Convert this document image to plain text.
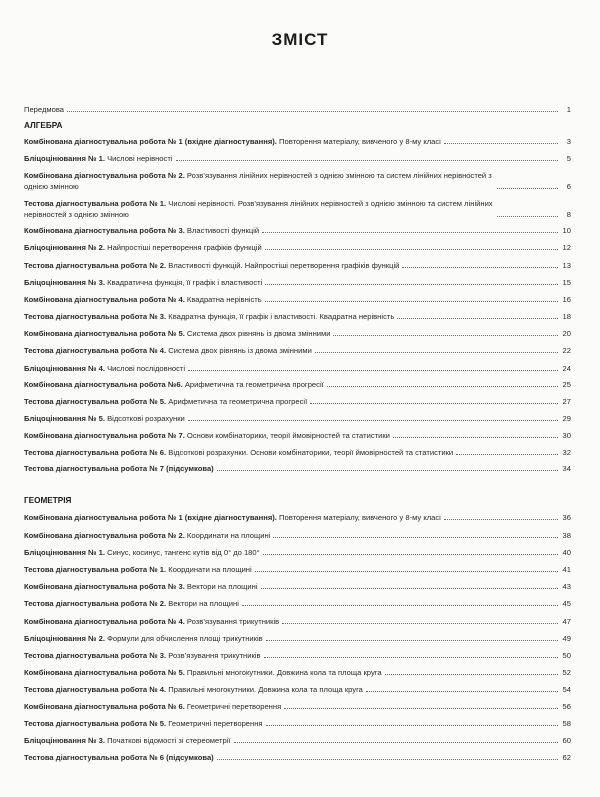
ЗМІСТ
Передмова	1
АЛГЕБРА
Комбінована діагностувальна робота № 1 (вхідне діагностування). Повторення матеріалу, вивченого у 8-му класі	3
Бліцоцінювання № 1. Числові нерівності	5
Комбінована діагностувальна робота № 2. Розв’язування лінійних нерівностей з однією змінною та систем лінійних нерівностей з однією змінною	6
Тестова діагностувальна робота № 1. Числові нерівності. Розв’язування лінійних нерівностей з однією змінною та систем лінійних нерівностей з однією змінною	8
Комбінована діагностувальна робота № 3. Властивості функцій	10
Бліцоцінювання № 2. Найпростіші перетворення графіків функцій	12
Тестова діагностувальна робота № 2. Властивості функцій. Найпростіші перетворення графіків функцій	13
Бліцоцінювання № 3. Квадратична функція, її графік і властивості	15
Комбінована діагностувальна робота № 4. Квадратна нерівність	16
Тестова діагностувальна робота № 3. Квадратна функція, її графік і властивості. Квадратна нерівність	18
Комбінована діагностувальна робота № 5. Система двох рівнянь із двома змінними	20
Тестова діагностувальна робота № 4. Система двох рівнянь із двома змінними	22
Бліцоцінювання № 4. Числові послідовності	24
Комбінована діагностувальна робота №6. Арифметична та геометрична прогресії	25
Тестова діагностувальна робота № 5. Арифметична та геометрична прогресії	27
Бліцоцінювання № 5. Відсоткові розрахунки	29
Комбінована діагностувальна робота № 7. Основи комбінаторики, теорії ймовірностей та статистики	30
Тестова діагностувальна робота № 6. Відсоткові розрахунки. Основи комбінаторики, теорії ймовірностей та статистики	32
Тестова діагностувальна робота № 7 (підсумкова)	34
ГЕОМЕТРІЯ
Комбінована діагностувальна робота № 1 (вхідне діагностування). Повторення матеріалу, вивченого у 8-му класі	36
Комбінована діагностувальна робота № 2. Координати на площині	38
Бліцоцінювання № 1. Синус, косинус, тангенс кутів від 0° до 180°	40
Тестова діагностувальна робота № 1. Координати на площині	41
Комбінована діагностувальна робота № 3. Вектори на площині	43
Тестова діагностувальна робота № 2. Вектори на площині	45
Комбінована діагностувальна робота № 4. Розв’язування трикутників	47
Бліцоцінювання № 2. Формули для обчислення площі трикутників	49
Тестова діагностувальна робота № 3. Розв’язування трикутників	50
Комбінована діагностувальна робота № 5. Правильні многокутники. Довжина кола та площа круга	52
Тестова діагностувальна робота № 4. Правильні многокутники. Довжина кола та площа круга	54
Комбінована діагностувальна робота № 6. Геометричні перетворення	56
Тестова діагностувальна робота № 5. Геометричні перетворення	58
Бліцоцінювання № 3. Початкові відомості зі стереометрії	60
Тестова діагностувальна робота № 6 (підсумкова)	62
